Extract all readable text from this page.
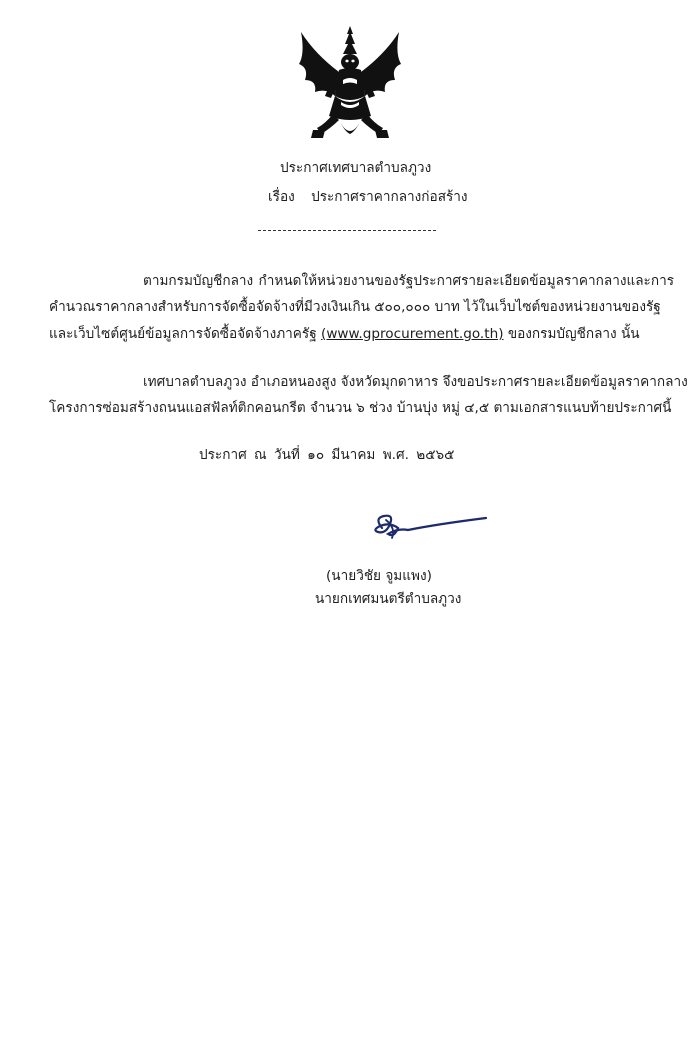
ประกาศเทศบาลตำบลภูวง
เรื่อง ประกาศราคากลางก่อสร้าง
ตามกรมบัญชีกลาง กำหนดให้หน่วยงานของรัฐประกาศรายละเอียดข้อมูลราคากลางและการ
คำนวณราคากลางสำหรับการจัดซื้อจัดจ้างที่มีวงเงินเกิน ๕๐๐,๐๐๐ บาท ไว้ในเว็บไซต์ของหน่วยงานของรัฐ
และเว็บไซต์ศูนย์ข้อมูลการจัดซื้อจัดจ้างภาครัฐ (www.gprocurement.go.th) ของกรมบัญชีกลาง นั้น
เทศบาลตำบลภูวง อำเภอหนองสูง จังหวัดมุกดาหาร จึงขอประกาศรายละเอียดข้อมูลราคากลาง
โครงการซ่อมสร้างถนนแอสฟัลท์ติกคอนกรีต จำนวน ๖ ช่วง บ้านบุ่ง หมู่ ๔,๕ ตามเอกสารแนบท้ายประกาศนี้
ประกาศ ณ วันที่ ๑๐ มีนาคม พ.ศ. ๒๕๖๕
(นายวิชัย จูมแพง)
นายกเทศมนตรีตำบลภูวง
